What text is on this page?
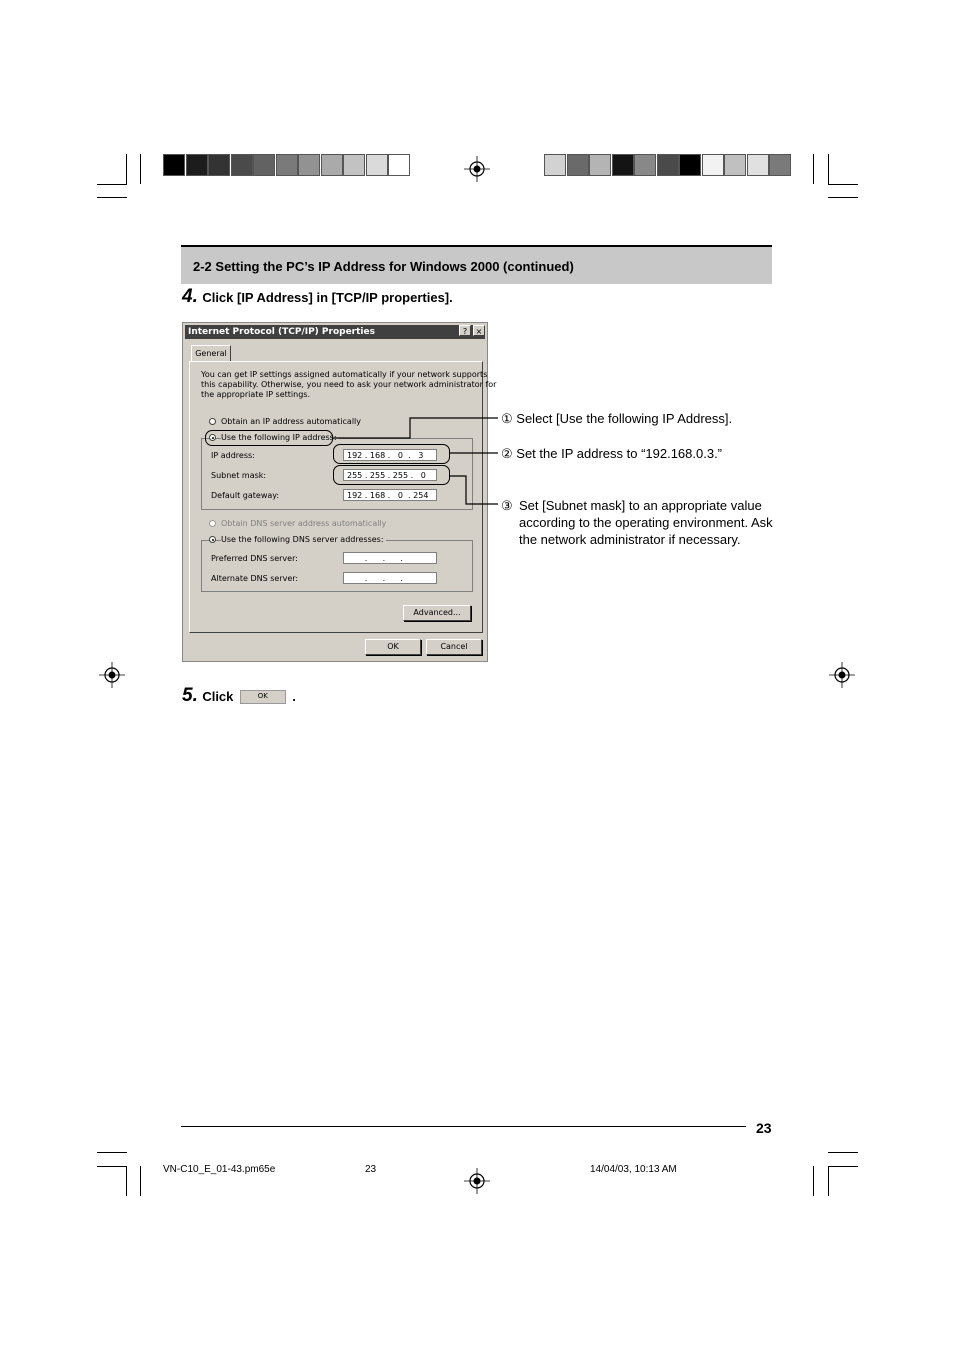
2-2 Setting the PC’s IP Address for Windows 2000 (continued)
4. Click [IP Address] in [TCP/IP properties].
Internet Protocol (TCP/IP) Properties	?	×
General
You can get IP settings assigned automatically if your network supports
this capability. Otherwise, you need to ask your network administrator for
the appropriate IP settings.
Obtain an IP address automatically
Use the following IP address:
IP address:	192 . 168 .   0  .   3
Subnet mask:	255 . 255 . 255 .   0
Default gateway:	192 . 168 .   0  . 254
Obtain DNS server address automatically
Use the following DNS server addresses:
Preferred DNS server:	.      .      .
Alternate DNS server:	.      .      .
Advanced...
OK	Cancel
① Select [Use the following IP Address].
② Set the IP address to “192.168.0.3.”
③ Set [Subnet mask] to an appropriate value
according to the operating environment. Ask
the network administrator if necessary.
5. Click	OK .
23
VN-C10_E_01-43.pm65e	23	14/04/03, 10:13 AM
